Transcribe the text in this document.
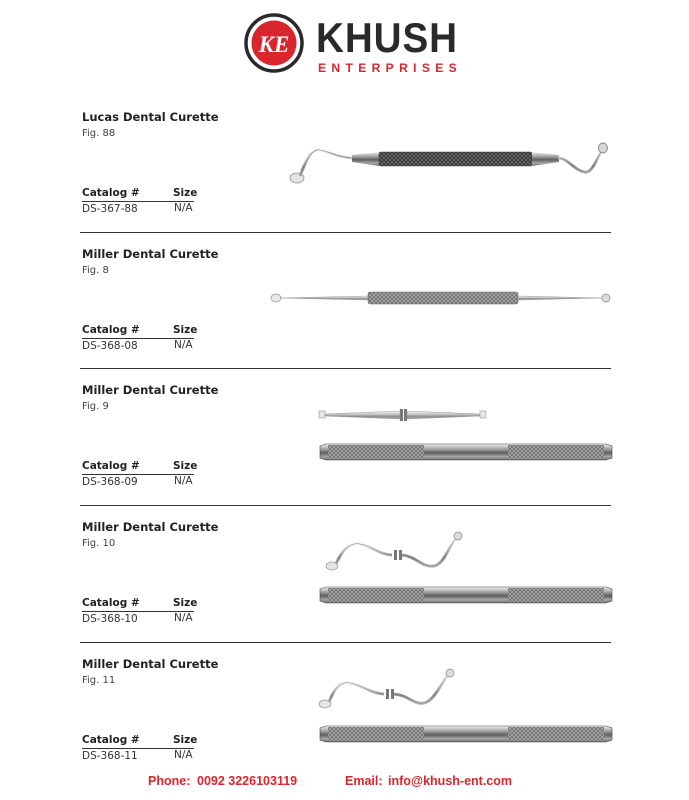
KE KHUSH
ENTERPRISES
Lucas Dental Curette
Fig. 88
Catalog #	Size
DS-367-88	N/A
Miller Dental Curette
Fig. 8
Catalog #	Size
DS-368-08	N/A
Miller Dental Curette
Fig. 9
Catalog #	Size
DS-368-09	N/A
Miller Dental Curette
Fig. 10
Catalog #	Size
DS-368-10	N/A
Miller Dental Curette
Fig. 11
Catalog #	Size
DS-368-11	N/A
Phone: 0092 3226103119	Email: info@khush-ent.com
